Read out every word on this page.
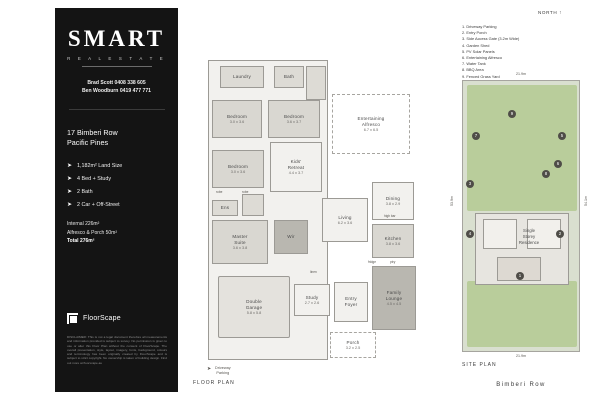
SMART
R E A L E S T A T E
Brad Scott 0408 338 605
Ben Woodburn 0419 477 771
17 Bimberi Row
Pacific Pines
➤ 1,182m² Land Size
➤ 4 Bed + Study
➤ 2 Bath
➤ 2 Car + Off-Street
Internal 226m²
Alfresco & Porch 50m²
Total 276m²
FloorScape
DISCLAIMER: This is not a legal document therefore all measurements and information provided is subject to survey. No permission is given to use or alter this Floor Plan without the consent of FloorScape. The overall presentation, style, layout, imagery, fonts, background, colours and terminology has been originally created by FloorScape and is subject to strict copyright. No ownership is taken of building design. Find out more at floorscape.au
Laundry	Bath
Bedroom
3.0 x 3.6
Bedroom
3.6 x 3.7
Bedroom
3.0 x 3.6
Entertaining
Alfresco
6.7 x 6.5
Kids'
Retreat
4.4 x 3.7
Ens
Living
6.2 x 3.6
Dining
3.8 x 2.9
Kitchen
3.8 x 3.6
Master
Suite
3.6 x 3.8
Wir
Double
Garage
5.8 x 5.8
Study
2.7 x 2.6
Entry
Foyer
Family
Lounge
4.5 x 4.5
Porch
3.2 x 2.5
high bar
fridge	ptry
linen
robe	robe
➤ Driveway
Parking
FLOOR PLAN
NORTH ↑
1. Driveway Parking
2. Entry Porch
3. Side Access Gate (3.2m Wide)
4. Garden Shed
5. PV Solar Panels
6. Entertaining Alfresco
7. Water Tank
8. BBQ Area
9. Fenced Grass Yard	21.9m
53.9m	54.1m
Single
Storey
Residence
9
7	5
6
8
3
4	2
1
21.9m
SITE PLAN
Bimberi Row
